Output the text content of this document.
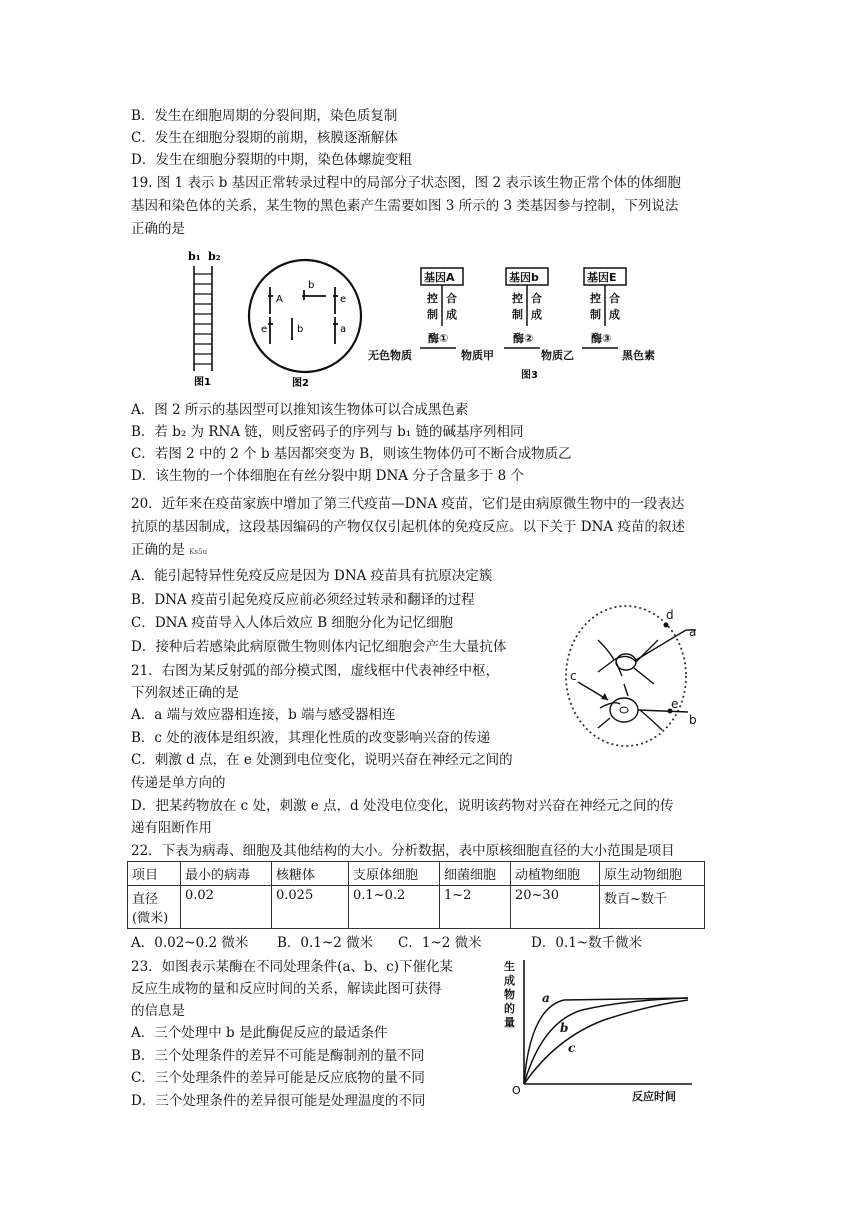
B．发生在细胞周期的分裂间期，染色质复制
C．发生在细胞分裂期的前期，核膜逐渐解体
D．发生在细胞分裂期的中期，染色体螺旋变粗
19. 图 1 表示 b 基因正常转录过程中的局部分子状态图，图 2 表示该生物正常个体的体细胞
基因和染色体的关系，某生物的黑色素产生需要如图 3 所示的 3 类基因参与控制，下列说法
正确的是
b₁ b₂
图1
A
b
e
e	b	a
图2
基因A	基因b	基因E
控 合
制 成
控 合
制 成
控 合
制 成
酶①	酶②	酶③
无色物质	物质甲	物质乙	黑色素
图3
A．图 2 所示的基因型可以推知该生物体可以合成黑色素
B．若 b₂ 为 RNA 链，则反密码子的序列与 b₁ 链的碱基序列相同
C．若图 2 中的 2 个 b 基因都突变为 B，则该生物体仍可不断合成物质乙
D．该生物的一个体细胞在有丝分裂中期 DNA 分子含量多于 8 个
20．近年来在疫苗家族中增加了第三代疫苗—DNA 疫苗，它们是由病原微生物中的一段表达
抗原的基因制成，这段基因编码的产物仅仅引起机体的免疫反应。以下关于 DNA 疫苗的叙述
正确的是 Ks5u
A．能引起特异性免疫反应是因为 DNA 疫苗具有抗原决定簇
B．DNA 疫苗引起免疫反应前必须经过转录和翻译的过程
C．DNA 疫苗导入人体后效应 B 细胞分化为记忆细胞
D．接种后若感染此病原微生物则体内记忆细胞会产生大量抗体
d
a
c
e
b
21．右图为某反射弧的部分模式图，虚线框中代表神经中枢，
下列叙述正确的是
A．a 端与效应器相连接，b 端与感受器相连
B．c 处的液体是组织液，其理化性质的改变影响兴奋的传递
C．刺激 d 点，在 e 处测到电位变化，说明兴奋在神经元之间的
传递是单方向的
D．把某药物放在 c 处，刺激 e 点，d 处没电位变化，说明该药物对兴奋在神经元之间的传
递有阻断作用
22．下表为病毒、细胞及其他结构的大小。分析数据，表中原核细胞直径的大小范围是项目
项目	最小的病毒	核糖体	支原体细胞	细菌细胞	动植物细胞	原生动物细胞

直径
(微米)	0.02	0.025	0.1~0.2	1~2	20~30	数百~数千
A．0.02~0.2 微米 B．0.1~2 微米 C．1~2 微米	D．0.1~数千微米
23．如图表示某酶在不同处理条件(a、b、c)下催化某
反应生成物的量和反应时间的关系，解读此图可获得
的信息是
A．三个处理中 b 是此酶促反应的最适条件
B．三个处理条件的差异不可能是酶制剂的量不同
C．三个处理条件的差异可能是反应底物的量不同
D．三个处理条件的差异很可能是处理温度的不同
生
成
物
的
量
反应时间
a
b
c
O
